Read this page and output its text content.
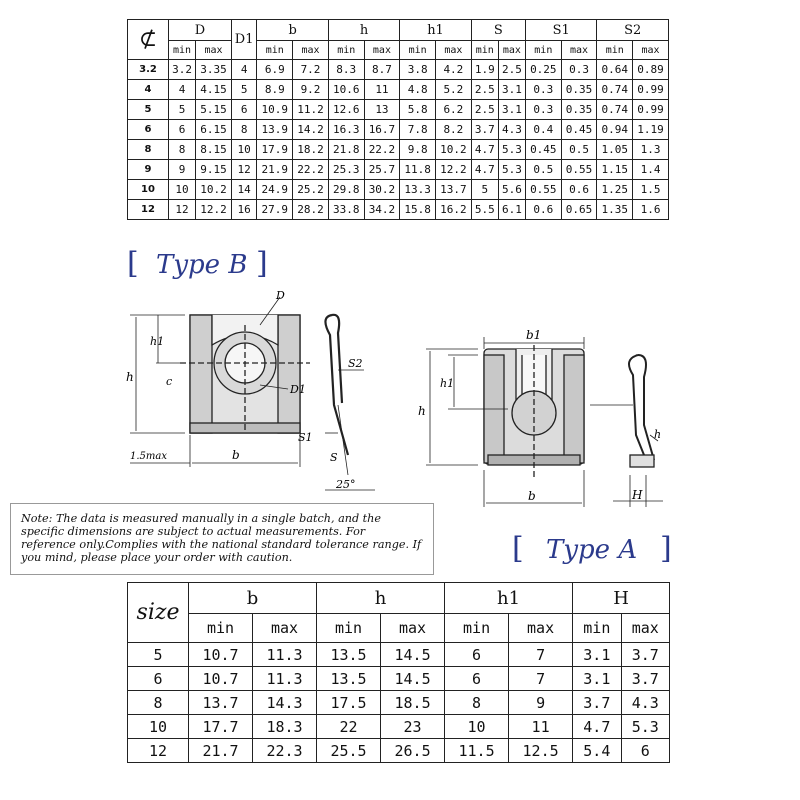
⊄	D		D1	b		h		h1		S		S1		S2	
	min	max		min	max	min	max	min	max	min	max	min	max	min	max
3.2	3.2	3.35	4	6.9	7.2	8.3	8.7	3.8	4.2	1.9	2.5	0.25	0.3	0.64	0.89
4	4	4.15	5	8.9	9.2	10.6	11	4.8	5.2	2.5	3.1	0.3	0.35	0.74	0.99
5	5	5.15	6	10.9	11.2	12.6	13	5.8	6.2	2.5	3.1	0.3	0.35	0.74	0.99
6	6	6.15	8	13.9	14.2	16.3	16.7	7.8	8.2	3.7	4.3	0.4	0.45	0.94	1.19
8	8	8.15	10	17.9	18.2	21.8	22.2	9.8	10.2	4.7	5.3	0.45	0.5	1.05	1.3
9	9	9.15	12	21.9	22.2	25.3	25.7	11.8	12.2	4.7	5.3	0.5	0.55	1.15	1.4
10	10	10.2	14	24.9	25.2	29.8	30.2	13.3	13.7	5	5.6	0.55	0.6	1.25	1.5
12	12	12.2	16	27.9	28.2	33.8	34.2	15.8	16.2	5.5	6.1	0.6	0.65	1.35	1.6
[ Type B ]
D
h1
h	c
D1
S2
S1
S
b
1.5max
25°
b1
h1
h
b	H
h
Note: The data is measured manually in a single batch, and the specific dimensions are subject to actual measurements. For reference only.Complies with the national standard tolerance range. If you mind, please place your order with caution.	[ Type A ]
size	b		h		h1		H	
	min	max	min	max	min	max	min	max
5	10.7	11.3	13.5	14.5	6	7	3.1	3.7
6	10.7	11.3	13.5	14.5	6	7	3.1	3.7
8	13.7	14.3	17.5	18.5	8	9	3.7	4.3
10	17.7	18.3	22	23	10	11	4.7	5.3
12	21.7	22.3	25.5	26.5	11.5	12.5	5.4	6
